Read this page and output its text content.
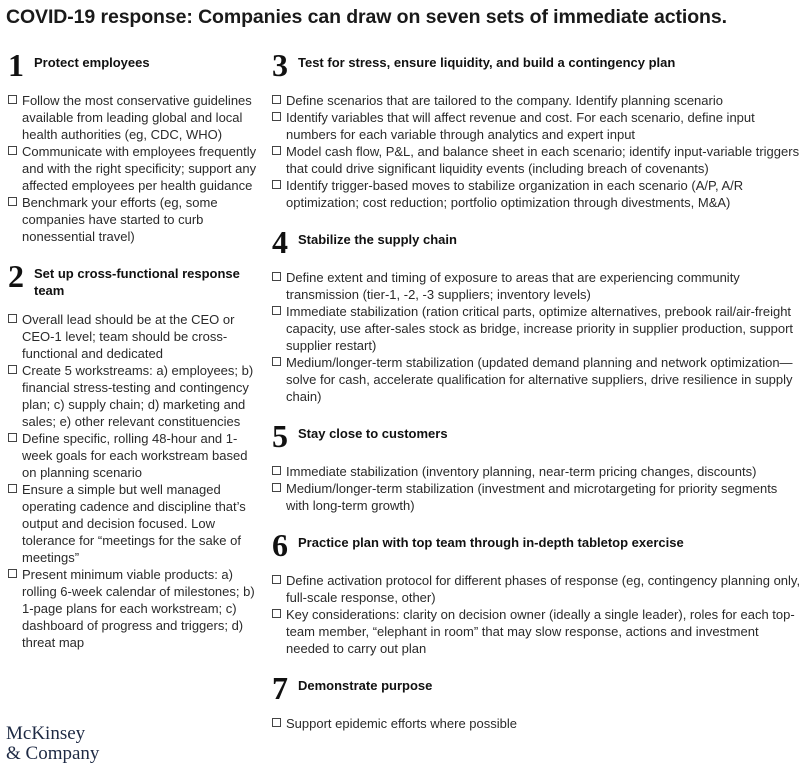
COVID-19 response: Companies can draw on seven sets of immediate actions.
1 Protect employees
Follow the most conservative guidelines available from leading global and local health authorities (eg, CDC, WHO)
Communicate with employees frequently and with the right specificity; support any affected employees per health guidance
Benchmark your efforts (eg, some companies have started to curb nonessential travel)
2 Set up cross-functional response team
Overall lead should be at the CEO or CEO-1 level; team should be cross-functional and dedicated
Create 5 workstreams: a) employees; b) financial stress-testing and contingency plan; c) supply chain; d) marketing and sales; e) other relevant constituencies
Define specific, rolling 48-hour and 1-week goals for each workstream based on planning scenario
Ensure a simple but well managed operating cadence and discipline that’s output and decision focused. Low tolerance for “meetings for the sake of meetings”
Present minimum viable products: a) rolling 6-week calendar of milestones; b) 1-page plans for each workstream; c) dashboard of progress and triggers; d) threat map
3 Test for stress, ensure liquidity, and build a contingency plan
Define scenarios that are tailored to the company. Identify planning scenario
Identify variables that will affect revenue and cost. For each scenario, define input numbers for each variable through analytics and expert input
Model cash flow, P&L, and balance sheet in each scenario; identify input-variable triggers that could drive significant liquidity events (including breach of covenants)
Identify trigger-based moves to stabilize organization in each scenario (A/P, A/R optimization; cost reduction; portfolio optimization through divestments, M&A)
4 Stabilize the supply chain
Define extent and timing of exposure to areas that are experiencing community transmission (tier-1, -2, -3 suppliers; inventory levels)
Immediate stabilization (ration critical parts, optimize alternatives, prebook rail/air-freight capacity, use after-sales stock as bridge, increase priority in supplier production, support supplier restart)
Medium/longer-term stabilization (updated demand planning and network optimization—solve for cash, accelerate qualification for alternative suppliers, drive resilience in supply chain)
5 Stay close to customers
Immediate stabilization (inventory planning, near-term pricing changes, discounts)
Medium/longer-term stabilization (investment and microtargeting for priority segments with long-term growth)
6 Practice plan with top team through in-depth tabletop exercise
Define activation protocol for different phases of response (eg, contingency planning only, full-scale response, other)
Key considerations: clarity on decision owner (ideally a single leader), roles for each top-team member, “elephant in room” that may slow response, actions and investment needed to carry out plan
7 Demonstrate purpose
Support epidemic efforts where possible
McKinsey
& Company
